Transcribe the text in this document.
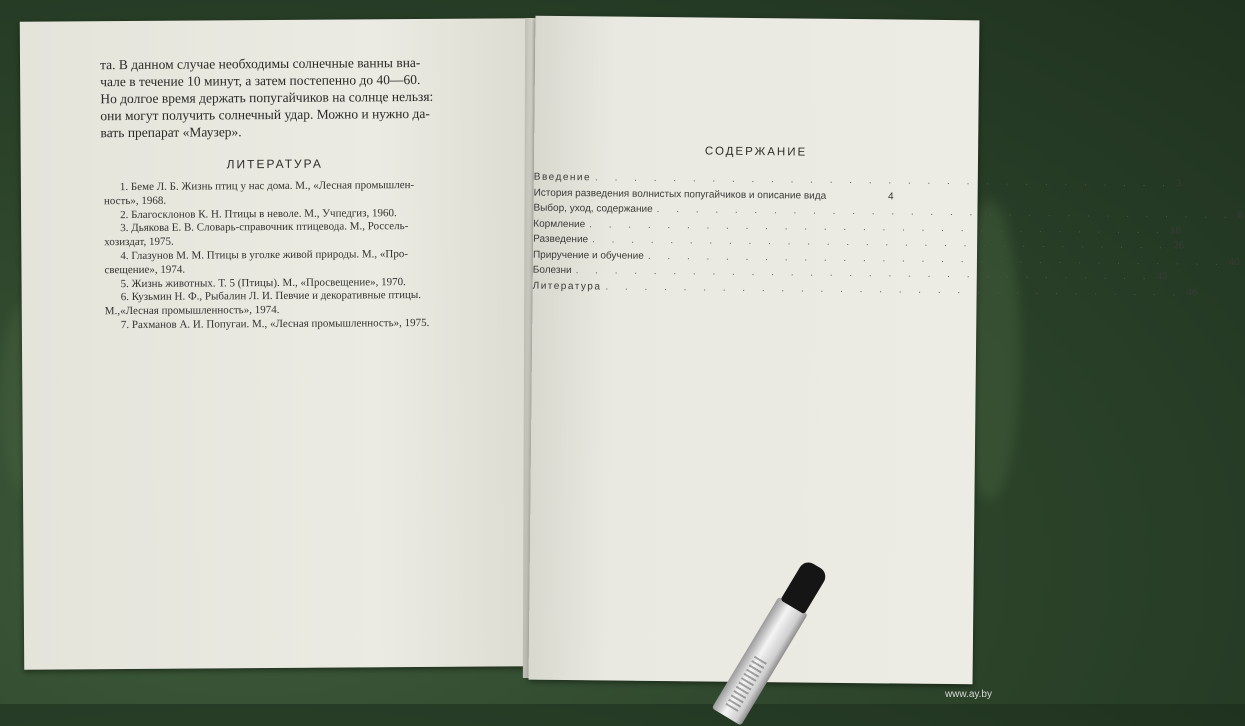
та. В данном случае необходимы солнечные ванны вна-
чале в течение 10 минут, а затем постепенно до 40—60.
Но долгое время держать попугайчиков на солнце нельзя:
они могут получить солнечный удар. Можно и нужно да-
вать препарат «Маузер».
ЛИТЕРАТУРА
1. Беме Л. Б. Жизнь птиц у нас дома. М., «Лесная промышлен-
ность», 1968.
2. Благосклонов К. Н. Птицы в неволе. М., Учпедгиз, 1960.
3. Дьякова Е. В. Словарь-справочник птицевода. М., Россель-
хозиздат, 1975.
4. Глазунов М. М. Птицы в уголке живой природы. М., «Про-
свещение», 1974.
5. Жизнь животных. Т. 5 (Птицы). М., «Просвещение», 1970.
6. Кузьмин Н. Ф., Рыбалин Л. И. Певчие и декоративные птицы.
М.,«Лесная промышленность», 1974.
7. Рахманов А. И. Попугаи. М., «Лесная промышленность», 1975.
СОДЕРЖАНИЕ
Введение . . . . . . . . . . . . . . . . . . . . . . . . . . . . . . 3
История разведения волнистых попугайчиков и описание вида	4
Выбор, уход, содержание . . . . . . . . . . . . . . . . . . . . . . . . . . . . . . 8
Кормление . . . . . . . . . . . . . . . . . . . . . . . . . . . . . . 18
Разведение . . . . . . . . . . . . . . . . . . . . . . . . . . . . . . 26
Приручение и обучение . . . . . . . . . . . . . . . . . . . . . . . . . . . . . . 40
Болезни . . . . . . . . . . . . . . . . . . . . . . . . . . . . . . 43
Литература . . . . . . . . . . . . . . . . . . . . . . . . . . . . . . 46
www.ay.by
